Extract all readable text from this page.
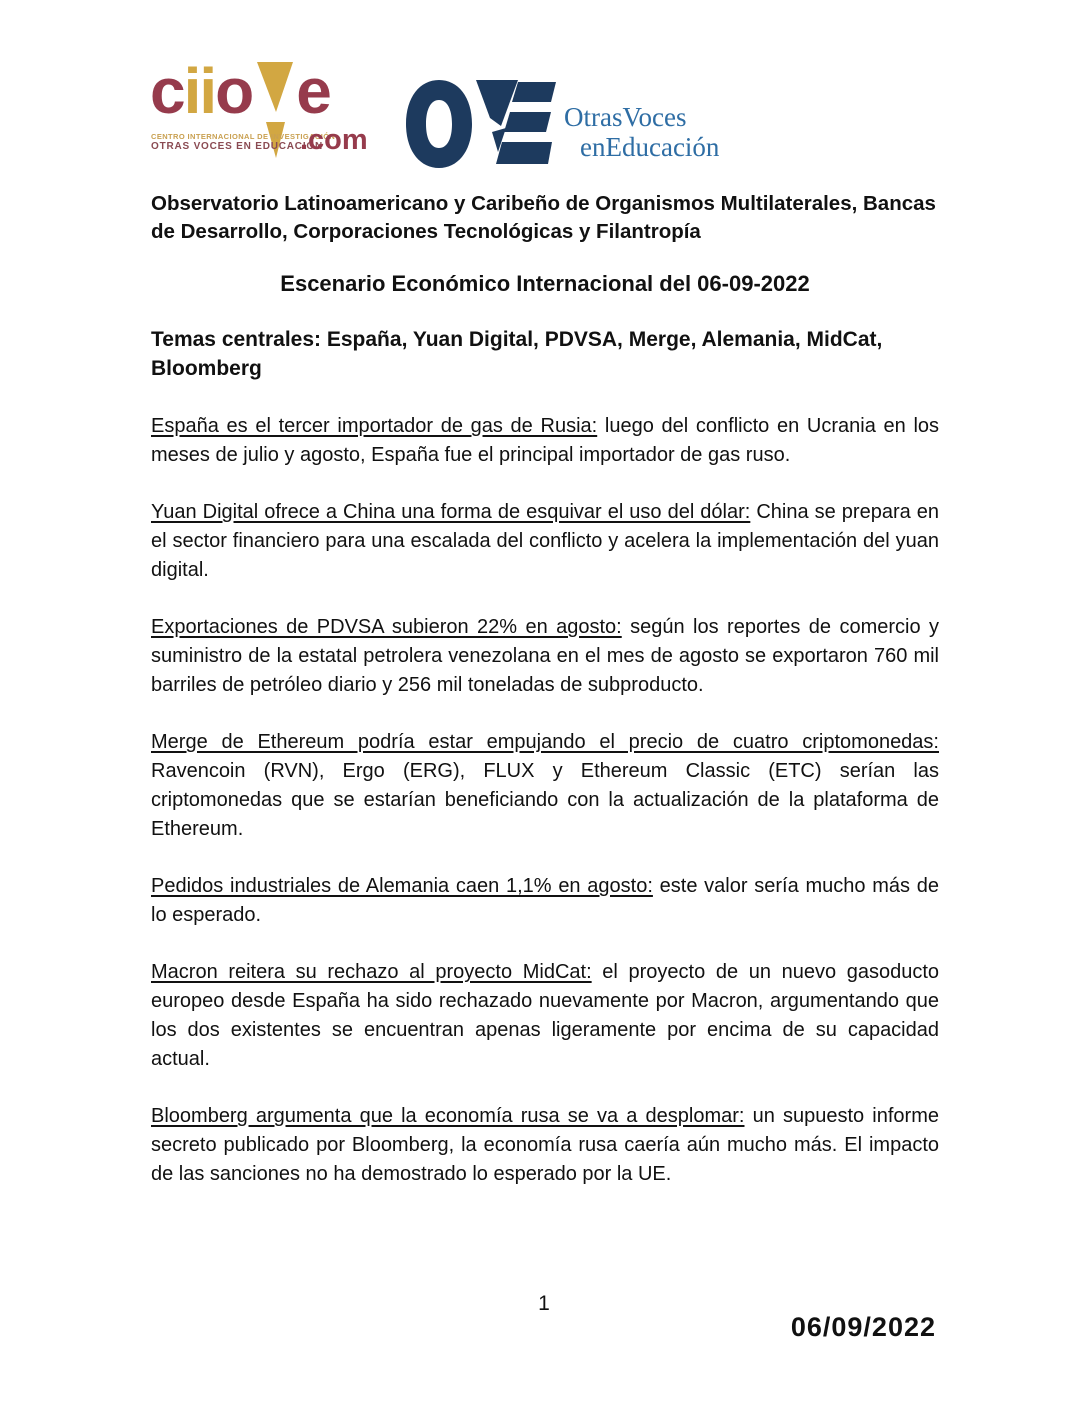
c ii o e
CENTRO INTERNACIONAL DE INVESTIGACIÓN
OTRAS VOCES EN EDUCACIÓN
.com
OtrasVoces
enEducación
Observatorio Latinoamericano y Caribeño de Organismos Multilaterales, Bancas de Desarrollo, Corporaciones Tecnológicas y Filantropía
Escenario Económico Internacional del 06-09-2022
Temas centrales: España, Yuan Digital, PDVSA, Merge, Alemania, MidCat, Bloomberg

España es el tercer importador de gas de Rusia: luego del conflicto en Ucrania en los meses de julio y agosto, España fue el principal importador de gas ruso.

Yuan Digital ofrece a China una forma de esquivar el uso del dólar: China se prepara en el sector financiero para una escalada del conflicto y acelera la implementación del yuan digital.

Exportaciones de PDVSA subieron 22% en agosto: según los reportes de comercio y suministro de la estatal petrolera venezolana en el mes de agosto se exportaron 760 mil barriles de petróleo diario y 256 mil toneladas de subproducto.

Merge de Ethereum podría estar empujando el precio de cuatro criptomonedas: Ravencoin (RVN), Ergo (ERG), FLUX y Ethereum Classic (ETC) serían las criptomonedas que se estarían beneficiando con la actualización de la plataforma de Ethereum.

Pedidos industriales de Alemania caen 1,1% en agosto: este valor sería mucho más de lo esperado.

Macron reitera su rechazo al proyecto MidCat: el proyecto de un nuevo gasoducto europeo desde España ha sido rechazado nuevamente por Macron, argumentando que los dos existentes se encuentran apenas ligeramente por encima de su capacidad actual.

Bloomberg argumenta que la economía rusa se va a desplomar: un supuesto informe secreto publicado por Bloomberg, la economía rusa caería aún mucho más. El impacto de las sanciones no ha demostrado lo esperado por la UE.

1
06/09/2022
